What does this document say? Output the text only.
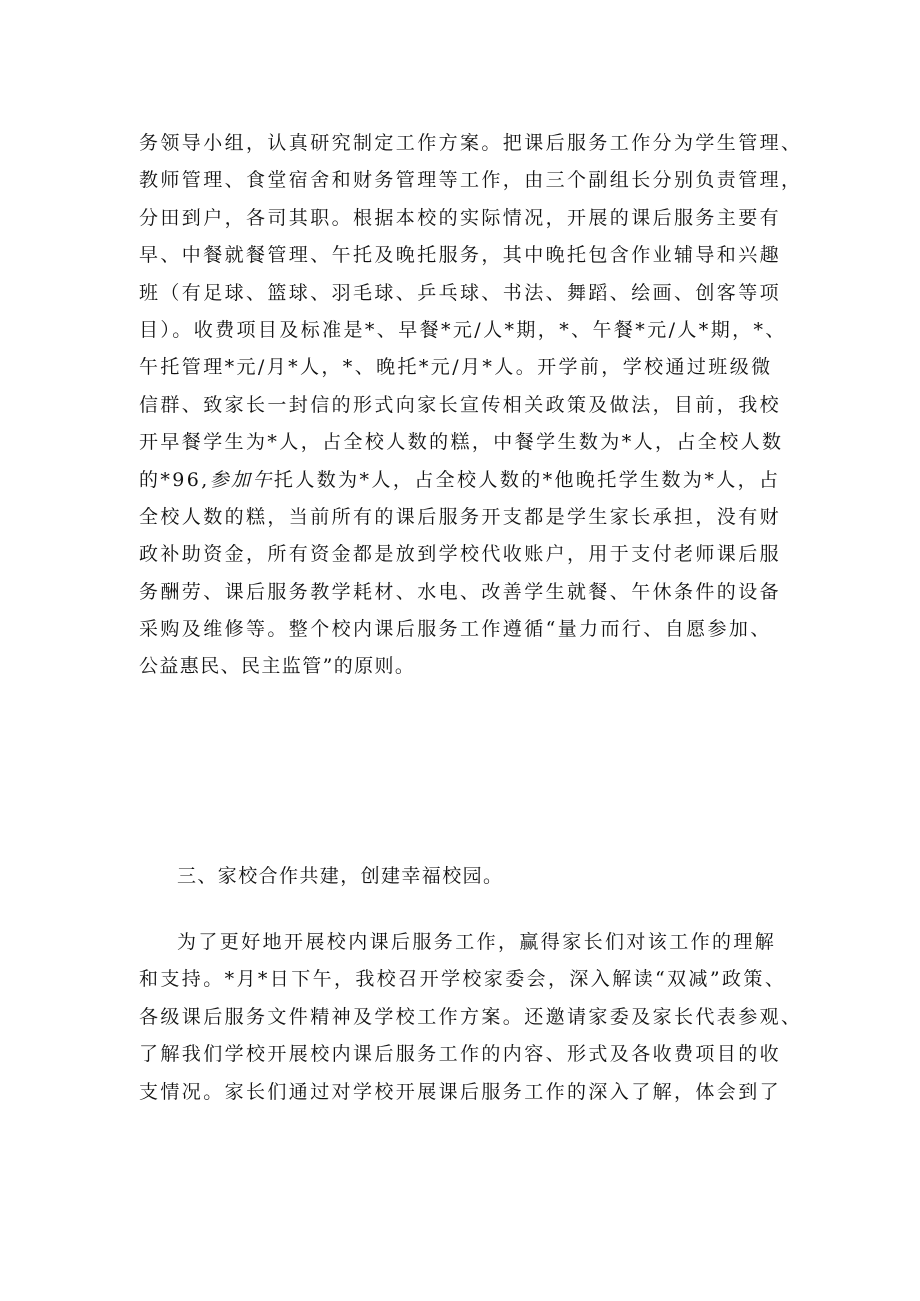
务领导小组，认真研究制定工作方案。把课后服务工作分为学生管理、
教师管理、食堂宿舍和财务管理等工作，由三个副组长分别负责管理，
分田到户，各司其职。根据本校的实际情况，开展的课后服务主要有
早、中餐就餐管理、午托及晚托服务，其中晚托包含作业辅导和兴趣
班（有足球、篮球、羽毛球、乒乓球、书法、舞蹈、绘画、创客等项
目）。收费项目及标准是*、早餐*元/人*期，*、午餐*元/人*期，*、
午托管理*元/月*人，*、晚托*元/月*人。开学前，学校通过班级微
信群、致家长一封信的形式向家长宣传相关政策及做法，目前，我校
开早餐学生为*人，占全校人数的糕，中餐学生数为*人，占全校人数
的*96,参加午托人数为*人，占全校人数的*他晚托学生数为*人，占
全校人数的糕，当前所有的课后服务开支都是学生家长承担，没有财
政补助资金，所有资金都是放到学校代收账户，用于支付老师课后服
务酬劳、课后服务教学耗材、水电、改善学生就餐、午休条件的设备
采购及维修等。整个校内课后服务工作遵循“量力而行、自愿参加、
公益惠民、民主监管”的原则。
三、家校合作共建，创建幸福校园。
为了更好地开展校内课后服务工作，赢得家长们对该工作的理解
和支持。*月*日下午，我校召开学校家委会，深入解读“双减”政策、
各级课后服务文件精神及学校工作方案。还邀请家委及家长代表参观、
了解我们学校开展校内课后服务工作的内容、形式及各收费项目的收
支情况。家长们通过对学校开展课后服务工作的深入了解，体会到了
